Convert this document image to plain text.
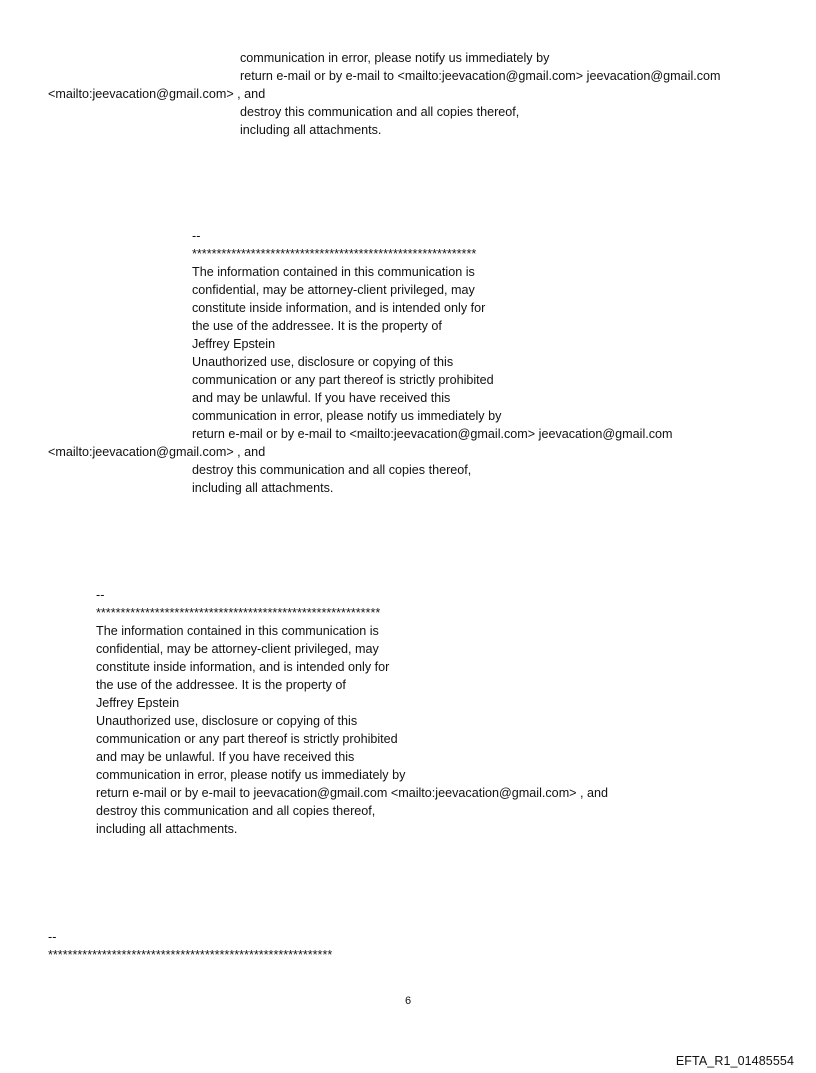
communication in error, please notify us immediately by
return e-mail or by e-mail to <mailto:jeevacation@gmail.com> jeevacation@gmail.com
<mailto:jeevacation@gmail.com> , and
destroy this communication and all copies thereof,
including all attachments.
--
**********************************************************
The information contained in this communication is
confidential, may be attorney-client privileged, may
constitute inside information, and is intended only for
the use of the addressee. It is the property of
Jeffrey Epstein
Unauthorized use, disclosure or copying of this
communication or any part thereof is strictly prohibited
and may be unlawful. If you have received this
communication in error, please notify us immediately by
return e-mail or by e-mail to <mailto:jeevacation@gmail.com> jeevacation@gmail.com
<mailto:jeevacation@gmail.com> , and
destroy this communication and all copies thereof,
including all attachments.
--
**********************************************************
The information contained in this communication is
confidential, may be attorney-client privileged, may
constitute inside information, and is intended only for
the use of the addressee. It is the property of
Jeffrey Epstein
Unauthorized use, disclosure or copying of this
communication or any part thereof is strictly prohibited
and may be unlawful. If you have received this
communication in error, please notify us immediately by
return e-mail or by e-mail to jeevacation@gmail.com <mailto:jeevacation@gmail.com> , and
destroy this communication and all copies thereof,
including all attachments.
--
**********************************************************
6
EFTA_R1_01485554
